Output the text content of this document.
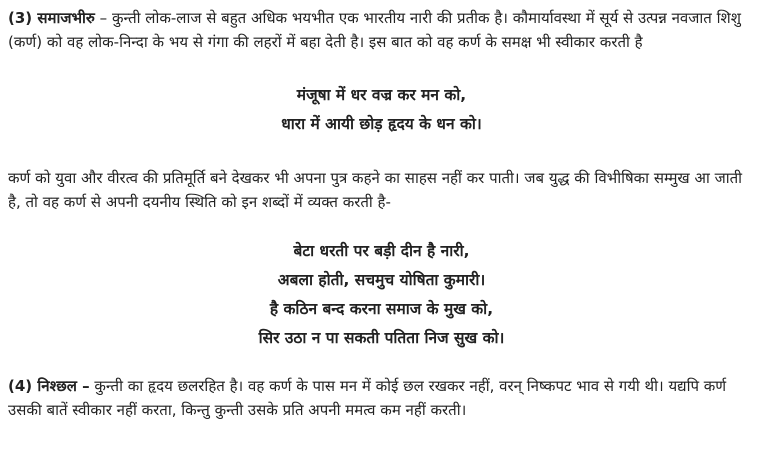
(3) समाजभीरु – कुन्ती लोक-लाज से बहुत अधिक भयभीत एक भारतीय नारी की प्रतीक है। कौमार्यावस्था में सूर्य से उत्पन्न नवजात शिशु (कर्ण) को वह लोक-निन्दा के भय से गंगा की लहरों में बहा देती है। इस बात को वह कर्ण के समक्ष भी स्वीकार करती है

मंजूषा में धर वज्र कर मन को,
धारा में आयी छोड़ हृदय के धन को।

कर्ण को युवा और वीरत्व की प्रतिमूर्ति बने देखकर भी अपना पुत्र कहने का साहस नहीं कर पाती। जब युद्ध की विभीषिका सम्मुख आ जाती है, तो वह कर्ण से अपनी दयनीय स्थिति को इन शब्दों में व्यक्त करती है-

बेटा धरती पर बड़ी दीन है नारी,
अबला होती, सचमुच योषिता कुमारी।
है कठिन बन्द करना समाज के मुख को,
सिर उठा न पा सकती पतिता निज सुख को।

(4) निश्छल – कुन्ती का हृदय छलरहित है। वह कर्ण के पास मन में कोई छल रखकर नहीं, वरन् निष्कपट भाव से गयी थी। यद्यपि कर्ण उसकी बातें स्वीकार नहीं करता, किन्तु कुन्ती उसके प्रति अपनी ममत्व कम नहीं करती।
